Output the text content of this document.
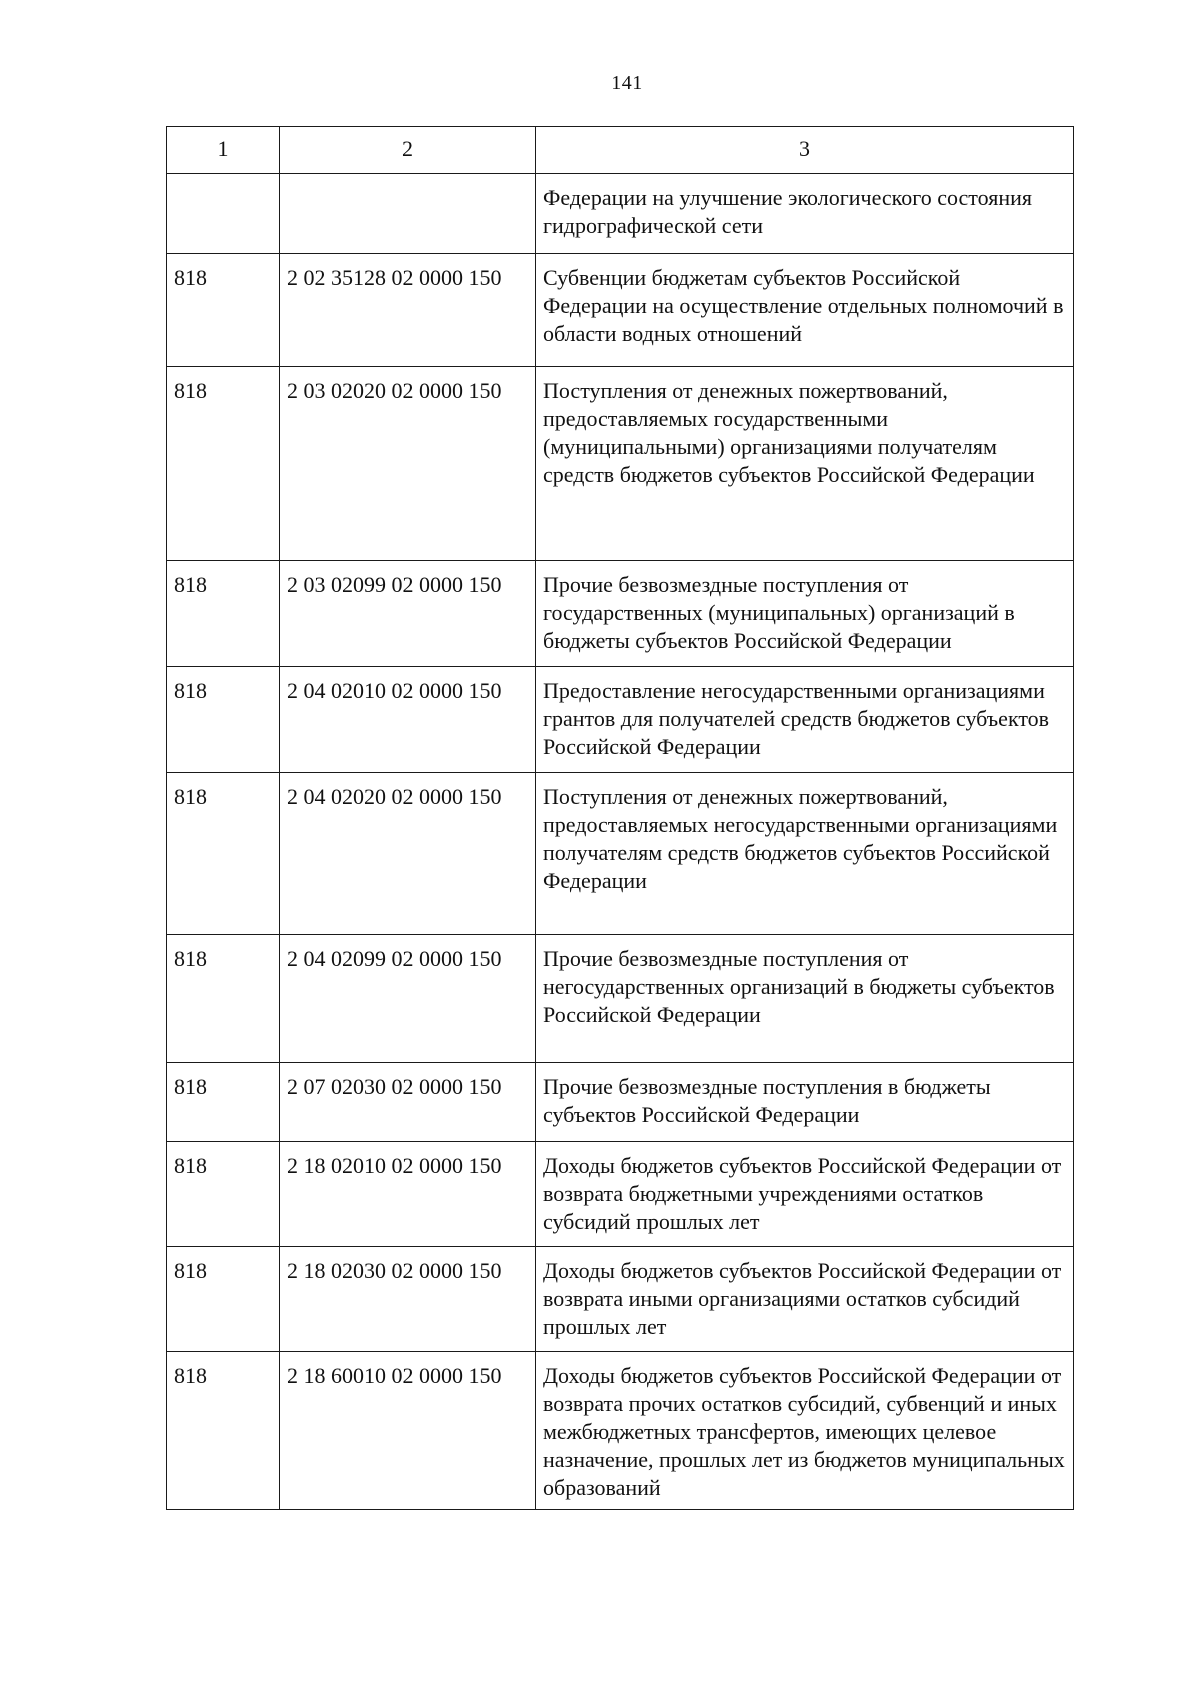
141
1	2	3
		Федерации на улучшение экологического состояния гидрографической сети
818	2 02 35128 02 0000 150	Субвенции бюджетам субъектов Российской Федерации на осуществление отдельных полномочий в области водных отношений
818	2 03 02020 02 0000 150	Поступления от денежных пожертвований, предоставляемых государственными (муниципальными) организациями получателям средств бюджетов субъектов Российской Федерации
818	2 03 02099 02 0000 150	Прочие безвозмездные поступления от государственных (муниципальных) организаций в бюджеты субъектов Российской Федерации
818	2 04 02010 02 0000 150	Предоставление негосударственными организациями грантов для получателей средств бюджетов субъектов Российской Федерации
818	2 04 02020 02 0000 150	Поступления от денежных пожертвований, предоставляемых негосударственными организациями получателям средств бюджетов субъектов Российской Федерации
818	2 04 02099 02 0000 150	Прочие безвозмездные поступления от негосударственных организаций в бюджеты субъектов Российской Федерации
818	2 07 02030 02 0000 150	Прочие безвозмездные поступления в бюджеты субъектов Российской Федерации
818	2 18 02010 02 0000 150	Доходы бюджетов субъектов Российской Федерации от возврата бюджетными учреждениями остатков субсидий прошлых лет
818	2 18 02030 02 0000 150	Доходы бюджетов субъектов Российской Федерации от возврата иными организациями остатков субсидий прошлых лет
818	2 18 60010 02 0000 150	Доходы бюджетов субъектов Российской Федерации от возврата прочих остатков субсидий, субвенций и иных межбюджетных трансфертов, имеющих целевое назначение, прошлых лет из бюджетов муниципальных образований
